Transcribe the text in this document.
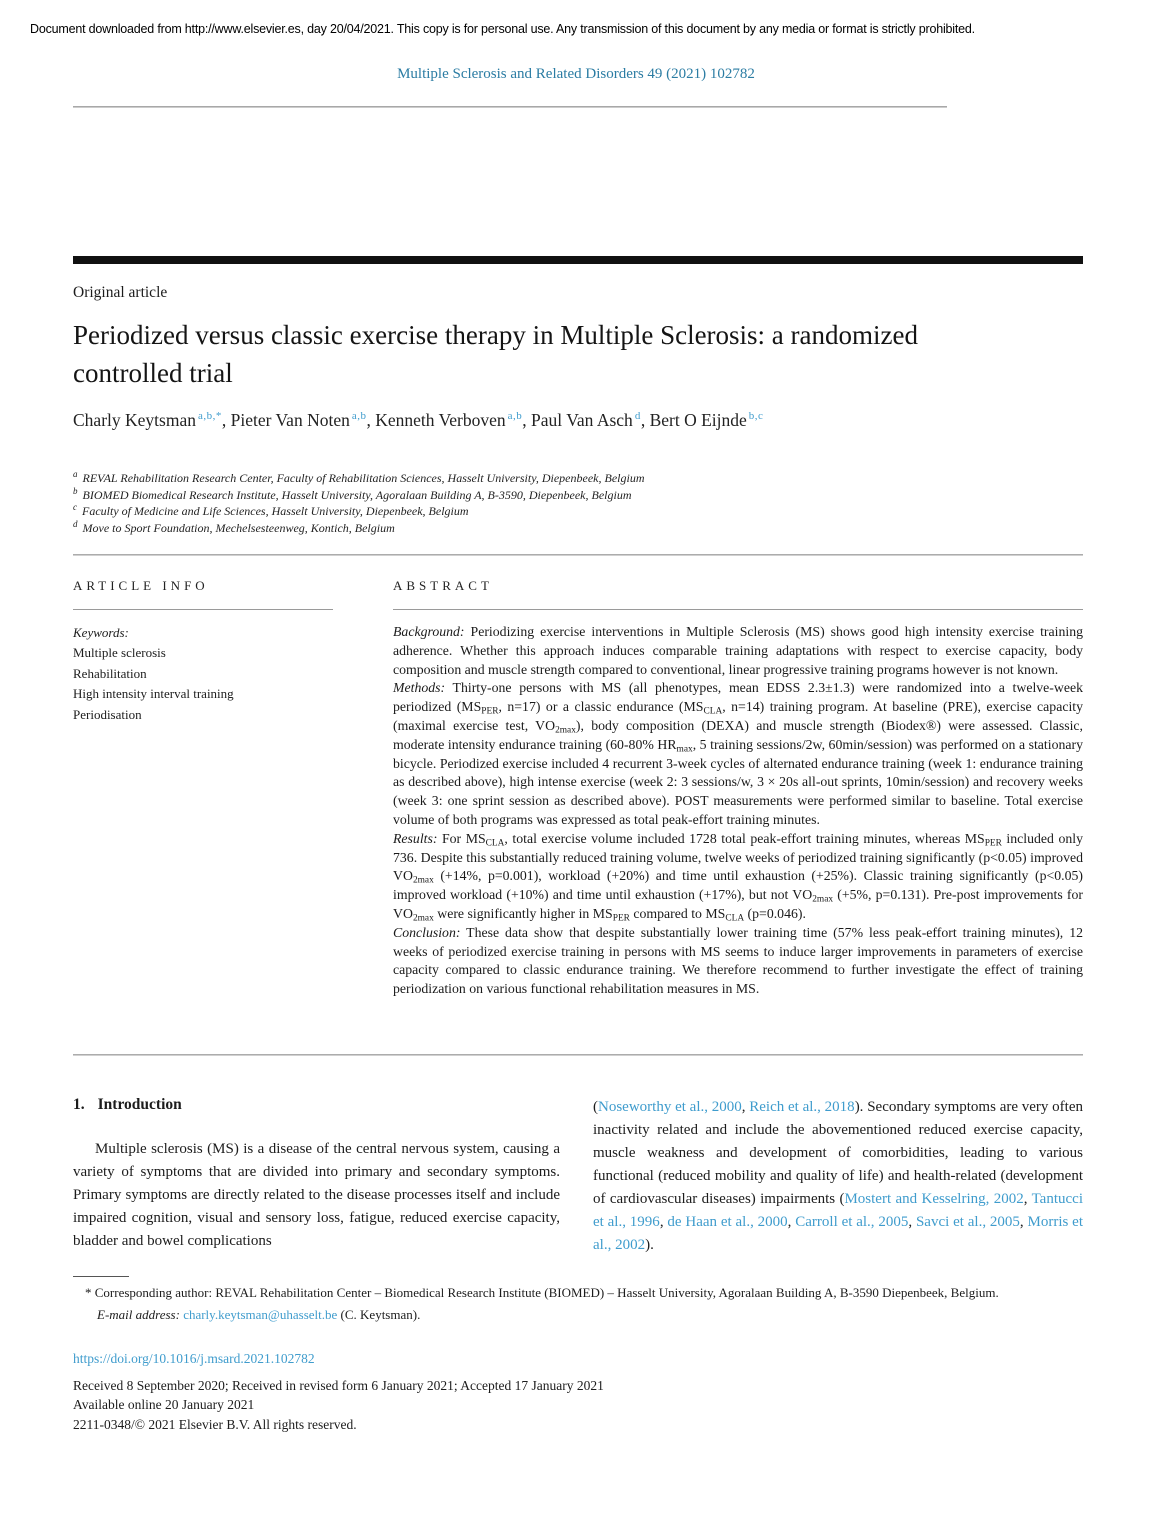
Document downloaded from http://www.elsevier.es, day 20/04/2021. This copy is for personal use. Any transmission of this document by any media or format is strictly prohibited.
Multiple Sclerosis and Related Disorders 49 (2021) 102782
Original article
Periodized versus classic exercise therapy in Multiple Sclerosis: a randomized controlled trial
Charly Keytsman $^{a,b,*}$, Pieter Van Noten $^{a,b}$, Kenneth Verboven $^{a,b}$, Paul Van Asch $^d$, Bert O Eijnde $^{b,c}$
$^a$ REVAL Rehabilitation Research Center, Faculty of Rehabilitation Sciences, Hasselt University, Diepenbeek, Belgium
$^b$ BIOMED Biomedical Research Institute, Hasselt University, Agoralaan Building A, B-3590, Diepenbeek, Belgium
$^c$ Faculty of Medicine and Life Sciences, Hasselt University, Diepenbeek, Belgium
$^d$ Move to Sport Foundation, Mechelsesteenweg, Kontich, Belgium
ARTICLE INFO
Keywords:
Multiple sclerosis
Rehabilitation
High intensity interval training
Periodisation
ABSTRACT

Background: Periodizing exercise interventions in Multiple Sclerosis (MS) shows good high intensity exercise training adherence. Whether this approach induces comparable training adaptations with respect to exercise capacity, body composition and muscle strength compared to conventional, linear progressive training programs however is not known.

Methods: Thirty-one persons with MS (all phenotypes, mean EDSS 2.3±1.3) were randomized into a twelve-week periodized ($MS_{PER}$, n=17) or a classic endurance ($MS_{CLA}$, n=14) training program. At baseline (PRE), exercise capacity (maximal exercise test, $VO_{2max}$), body composition (DEXA) and muscle strength (Biodex®) were assessed. Classic, moderate intensity endurance training (60-80% $HR_{max}$, 5 training sessions/2w, 60min/session) was performed on a stationary bicycle. Periodized exercise included 4 recurrent 3-week cycles of alternated endurance training (week 1: endurance training as described above), high intense exercise (week 2: 3 sessions/w, 3 × 20s all-out sprints, 10min/session) and recovery weeks (week 3: one sprint session as described above). POST measurements were performed similar to baseline. Total exercise volume of both programs was expressed as total peak-effort training minutes.

Results: For $MS_{CLA}$, total exercise volume included 1728 total peak-effort training minutes, whereas $MS_{PER}$ included only 736. Despite this substantially reduced training volume, twelve weeks of periodized training significantly (p<0.05) improved $VO_{2max}$ (+14%, p=0.001), workload (+20%) and time until exhaustion (+25%). Classic training significantly (p<0.05) improved workload (+10%) and time until exhaustion (+17%), but not $VO_{2max}$ (+5%, p=0.131). Pre-post improvements for $VO_{2max}$ were significantly higher in $MS_{PER}$ compared to $MS_{CLA}$ (p=0.046).

Conclusion: These data show that despite substantially lower training time (57% less peak-effort training minutes), 12 weeks of periodized exercise training in persons with MS seems to induce larger improvements in parameters of exercise capacity compared to classic endurance training. We therefore recommend to further investigate the effect of training periodization on various functional rehabilitation measures in MS.

1. Introduction

Multiple sclerosis (MS) is a disease of the central nervous system, causing a variety of symptoms that are divided into primary and secondary symptoms. Primary symptoms are directly related to the disease processes itself and include impaired cognition, visual and sensory loss, fatigue, reduced exercise capacity, bladder and bowel complications

(Noseworthy et al., 2000, Reich et al., 2018). Secondary symptoms are very often inactivity related and include the abovementioned reduced exercise capacity, muscle weakness and development of comorbidities, leading to various functional (reduced mobility and quality of life) and health-related (development of cardiovascular diseases) impairments (Mostert and Kesselring, 2002, Tantucci et al., 1996, de Haan et al., 2000, Carroll et al., 2005, Savci et al., 2005, Morris et al., 2002).

* Corresponding author: REVAL Rehabilitation Center – Biomedical Research Institute (BIOMED) – Hasselt University, Agoralaan Building A, B-3590 Diepenbeek, Belgium.

E-mail address: charly.keytsman@uhasselt.be (C. Keytsman).

https://doi.org/10.1016/j.msard.2021.102782
Received 8 September 2020; Received in revised form 6 January 2021; Accepted 17 January 2021
Available online 20 January 2021
2211-0348/© 2021 Elsevier B.V. All rights reserved.
